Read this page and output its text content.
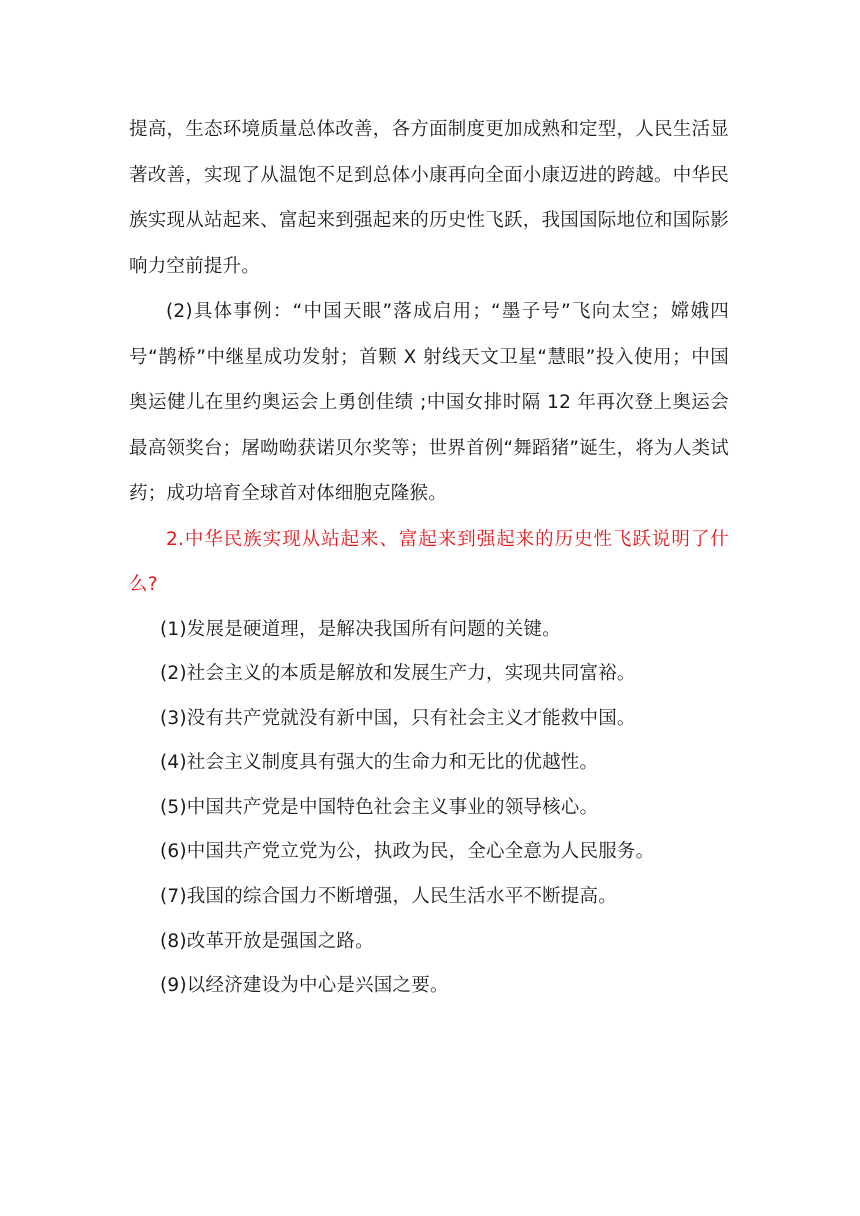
提高，生态环境质量总体改善，各方面制度更加成熟和定型，人民生活显著改善，实现了从温饱不足到总体小康再向全面小康迈进的跨越。中华民族实现从站起来、富起来到强起来的历史性飞跃，我国国际地位和国际影响力空前提升。

(2)具体事例：“中国天眼”落成启用；“墨子号”飞向太空；嫦娥四号“鹊桥”中继星成功发射；首颗 X 射线天文卫星“慧眼”投入使用；中国奥运健儿在里约奥运会上勇创佳绩 ;中国女排时隔 12 年再次登上奥运会最高领奖台；屠呦呦获诺贝尔奖等；世界首例“舞蹈猪”诞生，将为人类试药；成功培育全球首对体细胞克隆猴。

2.中华民族实现从站起来、富起来到强起来的历史性飞跃说明了什么?

(1)发展是硬道理，是解决我国所有问题的关键。

(2)社会主义的本质是解放和发展生产力，实现共同富裕。

(3)没有共产党就没有新中国，只有社会主义才能救中国。

(4)社会主义制度具有强大的生命力和无比的优越性。

(5)中国共产党是中国特色社会主义事业的领导核心。

(6)中国共产党立党为公，执政为民，全心全意为人民服务。

(7)我国的综合国力不断增强，人民生活水平不断提高。

(8)改革开放是强国之路。

(9)以经济建设为中心是兴国之要。
